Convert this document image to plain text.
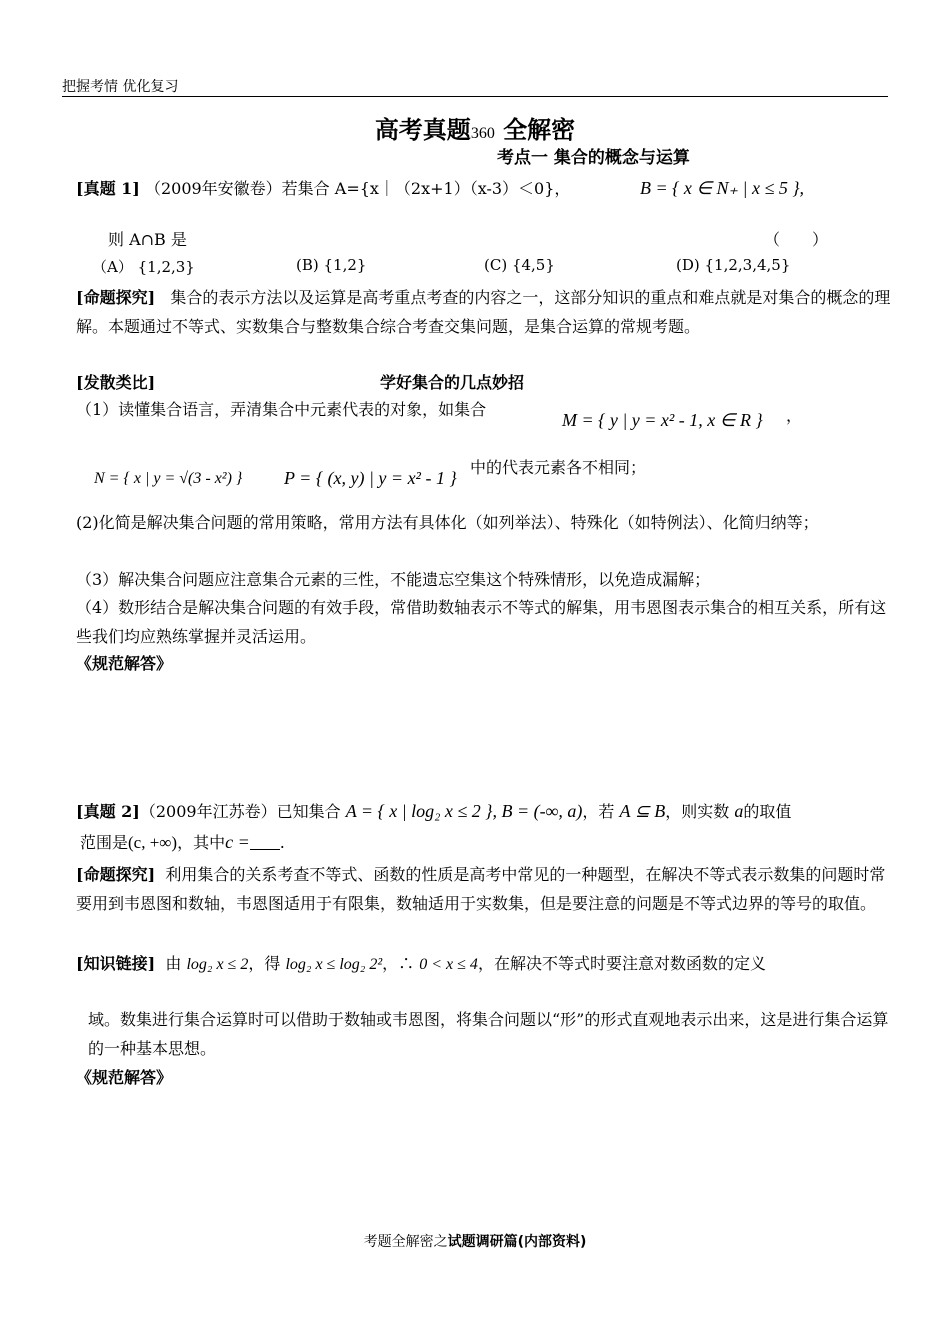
把握考情 优化复习
高考真题360 全解密
考点一 集合的概念与运算
[真题 1] （2009年安徽卷）若集合 A={x｜（2x+1）（x-3）＜0}，	B = { x ∈ N₊ | x ≤ 5 },
则 A∩B 是	（　　）
（A） {1,2,3}	(B) {1,2}	(C) {4,5}	(D) {1,2,3,4,5}
[命题探究] 集合的表示方法以及运算是高考重点考查的内容之一，这部分知识的重点和难点就是对集合的概念的理解。本题通过不等式、实数集合与整数集合综合考查交集问题，是集合运算的常规考题。
[发散类比]	学好集合的几点妙招
（1）读懂集合语言，弄清集合中元素代表的对象，如集合
M = { y | y = x² - 1, x ∈ R } ，
N = { x | y = √(3 - x²) } P = { (x, y) | y = x² - 1 }
中的代表元素各不相同；
(2)化简是解决集合问题的常用策略，常用方法有具体化（如列举法）、特殊化（如特例法）、化简归纳等；
（3）解决集合问题应注意集合元素的三性，不能遗忘空集这个特殊情形，以免造成漏解；
（4）数形结合是解决集合问题的有效手段，常借助数轴表示不等式的解集，用韦恩图表示集合的相互关系，所有这些我们均应熟练掌握并灵活运用。
《规范解答》
[真题 2]（2009年江苏卷）已知集合 A = { x | log₂ x ≤ 2 }, B = (-∞, a)，若 A ⊆ B，则实数 a的取值
范围是(c, +∞)，其中c = .
[命题探究] 利用集合的关系考查不等式、函数的性质是高考中常见的一种题型，在解决不等式表示数集的问题时常要用到韦恩图和数轴，韦恩图适用于有限集，数轴适用于实数集，但是要注意的问题是不等式边界的等号的取值。
[知识链接] 由 log₂ x ≤ 2，得 log₂ x ≤ log₂ 2²，∴ 0 < x ≤ 4，在解决不等式时要注意对数函数的定义
域。数集进行集合运算时可以借助于数轴或韦恩图，将集合问题以“形”的形式直观地表示出来，这是进行集合运算的一种基本思想。
《规范解答》
考题全解密之试题调研篇(内部资料)
